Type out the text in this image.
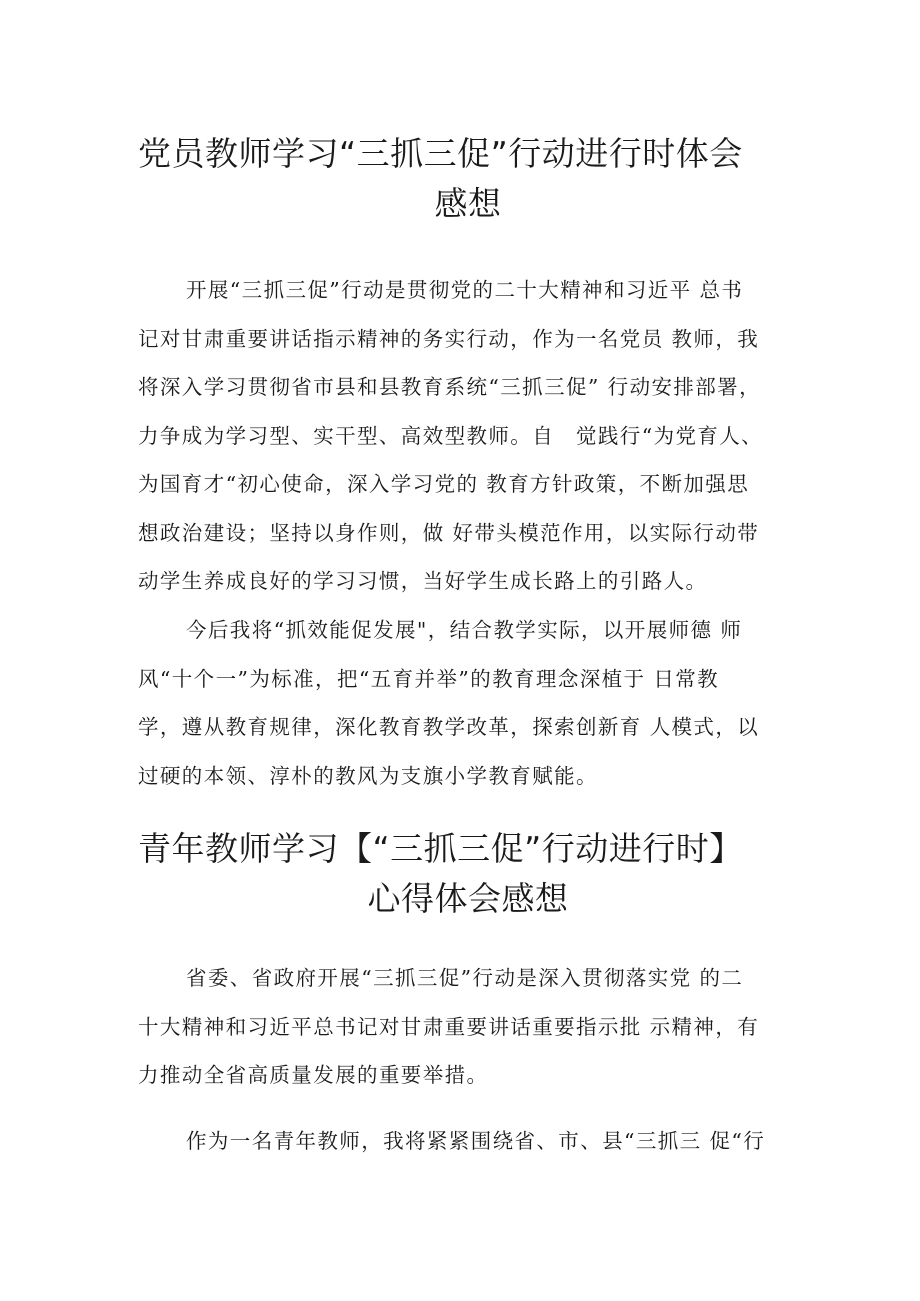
党员教师学习“三抓三促”行动进行时体会
感想

开展“三抓三促”行动是贯彻党的二十大精神和习近平 总书
记对甘肃重要讲话指示精神的务实行动，作为一名党员 教师，我
将深入学习贯彻省市县和县教育系统“三抓三促” 行动安排部署，
力争成为学习型、实干型、高效型教师。自　觉践行“为党育人、
为国育才“初心使命，深入学习党的 教育方针政策，不断加强思
想政治建设；坚持以身作则，做 好带头模范作用，以实际行动带
动学生养成良好的学习习惯，当好学生成长路上的引路人。

今后我将“抓效能促发展"，结合教学实际，以开展师德 师
风“十个一”为标准，把“五育并举”的教育理念深植于 日常教
学，遵从教育规律，深化教育教学改革，探索创新育 人模式，以
过硬的本领、淳朴的教风为支旗小学教育赋能。

青年教师学习【“三抓三促”行动进行时】
心得体会感想

省委、省政府开展“三抓三促”行动是深入贯彻落实党 的二
十大精神和习近平总书记对甘肃重要讲话重要指示批 示精神，有
力推动全省高质量发展的重要举措。

作为一名青年教师，我将紧紧围绕省、市、县“三抓三 促“行
